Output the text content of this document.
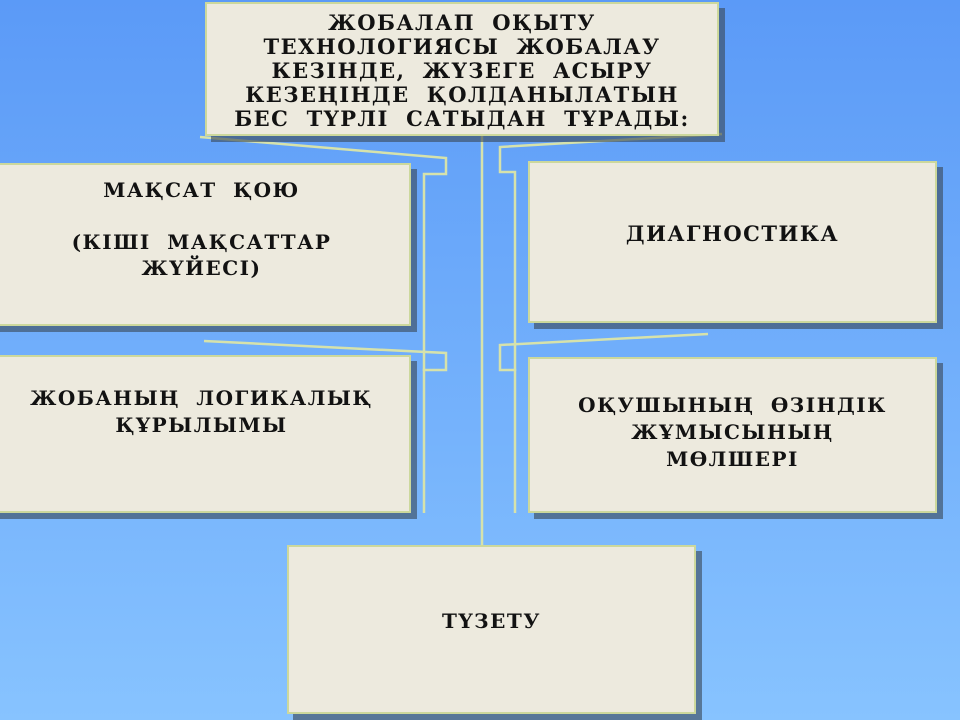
ЖОБАЛАП ОҚЫТУ
ТЕХНОЛОГИЯСЫ ЖОБАЛАУ
КЕЗІНДЕ, ЖҮЗЕГЕ АСЫРУ
КЕЗЕҢІНДЕ ҚОЛДАНЫЛАТЫН
БЕС ТҮРЛІ САТЫДАН ТҰРАДЫ:
МАҚСАТ ҚОЮ
(КІШІ МАҚСАТТАР
ЖҮЙЕСІ)
ДИАГНОСТИКА
ЖОБАНЫҢ ЛОГИКАЛЫҚ
ҚҰРЫЛЫМЫ
ОҚУШЫНЫҢ ӨЗІНДІК
ЖҰМЫСЫНЫҢ
МӨЛШЕРІ
ТҮЗЕТУ
